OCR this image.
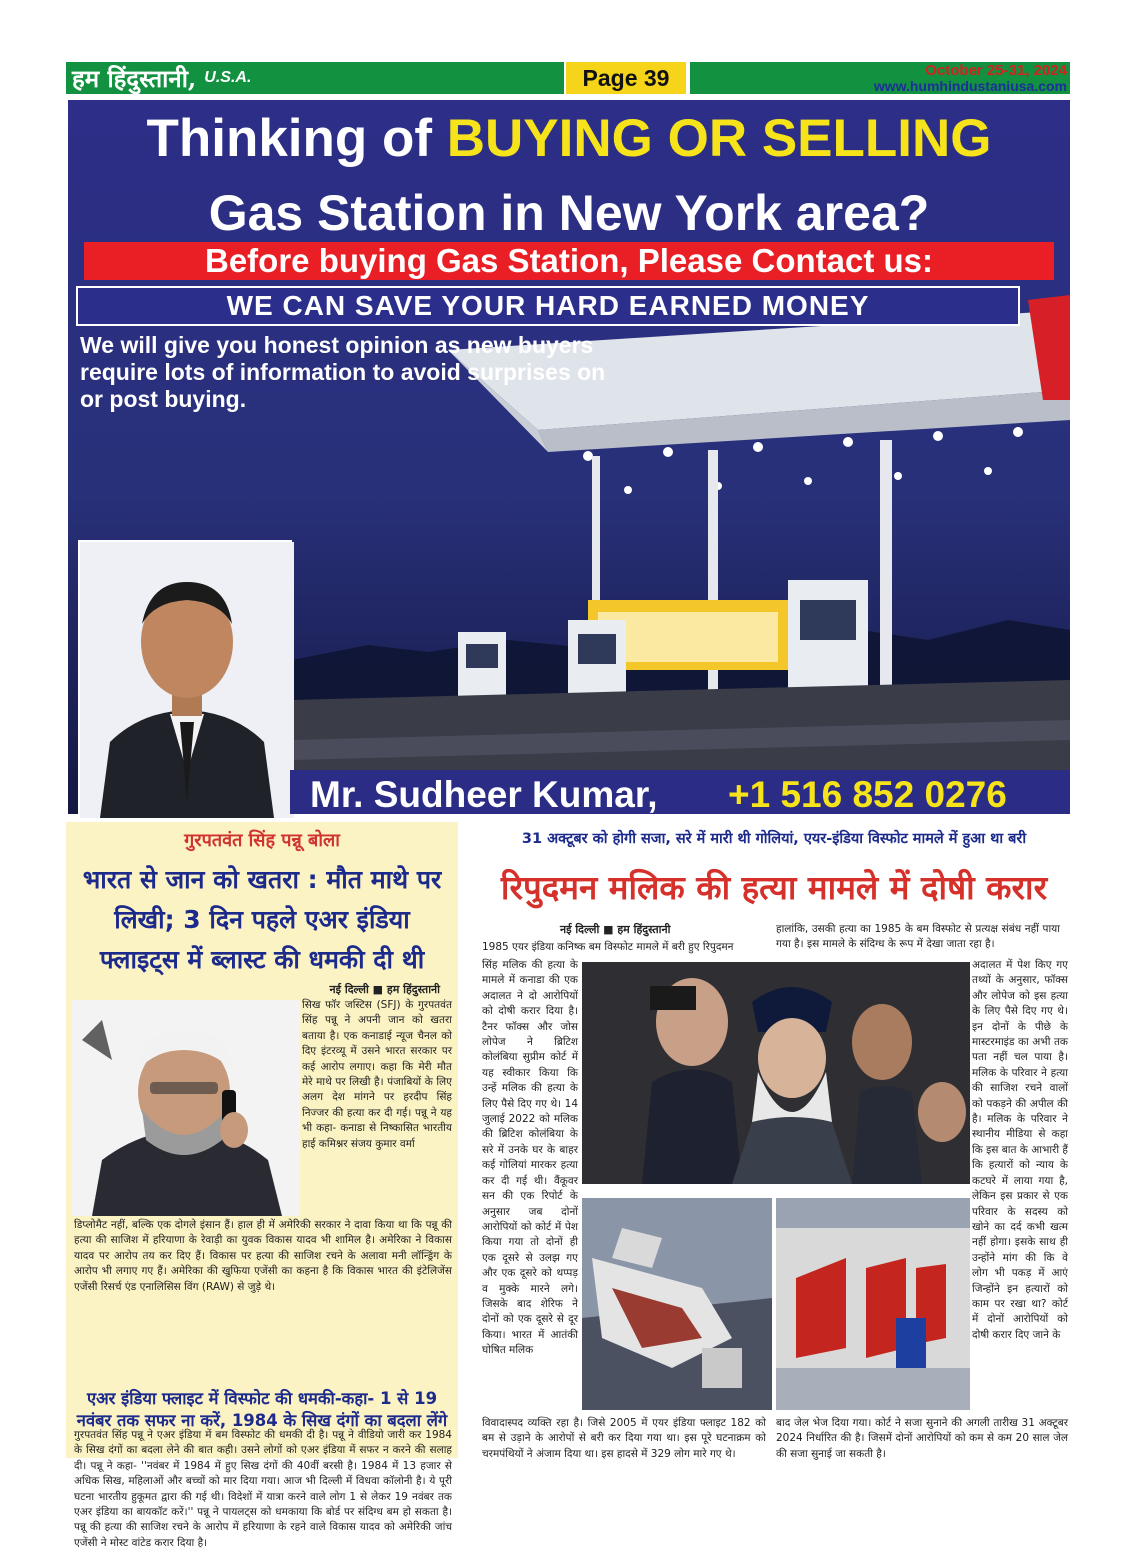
हम हिंदुस्तानी, U.S.A.	Page 39	October 25-31, 2024
www.humhindustaniusa.com
Thinking of BUYING OR SELLING
Gas Station in New York area?
Before buying Gas Station, Please Contact us:
WE CAN SAVE YOUR HARD EARNED MONEY
We will give you honest opinion as new buyers require lots of information to avoid surprises on or post buying.
Mr. Sudheer Kumar, +1 516 852 0276
गुरपतवंत सिंह पन्नू बोला
भारत से जान को खतरा : मौत माथे पर लिखी; 3 दिन पहले एअर इंडिया फ्लाइट्स में ब्लास्ट की धमकी दी थी
नई दिल्ली ■ हम हिंदुस्तानी
सिख फॉर जस्टिस (SFJ) के गुरपतवंत सिंह पन्नू ने अपनी जान को खतरा बताया है। एक कनाडाई न्यूज चैनल को दिए इंटरव्यू में उसने भारत सरकार पर कई आरोप लगाए। कहा कि मेरी मौत मेरे माथे पर लिखी है। पंजाबियों के लिए अलग देश मांगने पर हरदीप सिंह निज्जर की हत्या कर दी गई। पन्नू ने यह भी कहा- कनाडा से निष्कासित भारतीय हाई कमिश्नर संजय कुमार वर्मा
डिप्लोमैट नहीं, बल्कि एक दोगले इंसान हैं। हाल ही में अमेरिकी सरकार ने दावा किया था कि पन्नू की हत्या की साजिश में हरियाणा के रेवाड़ी का युवक विकास यादव भी शामिल है। अमेरिका ने विकास यादव पर आरोप तय कर दिए हैं। विकास पर हत्या की साजिश रचने के अलावा मनी लॉन्ड्रिंग के आरोप भी लगाए गए हैं। अमेरिका की खुफिया एजेंसी का कहना है कि विकास भारत की इंटेलिजेंस एजेंसी रिसर्च एंड एनालिसिस विंग (RAW) से जुड़े थे।
एअर इंडिया फ्लाइट में विस्फोट की धमकी-कहा- 1 से 19 नवंबर तक सफर ना करें, 1984 के सिख दंगों का बदला लेंगे
गुरपतवंत सिंह पन्नू ने एअर इंडिया में बम विस्फोट की धमकी दी है। पन्नू ने वीडियो जारी कर 1984 के सिख दंगों का बदला लेने की बात कही। उसने लोगों को एअर इंडिया में सफर न करने की सलाह दी। पन्नू ने कहा- ''नवंबर में 1984 में हुए सिख दंगों की 40वीं बरसी है। 1984 में 13 हजार से अधिक सिख, महिलाओं और बच्चों को मार दिया गया। आज भी दिल्ली में विधवा कॉलोनी है। ये पूरी घटना भारतीय हुकूमत द्वारा की गई थी। विदेशों में यात्रा करने वाले लोग 1 से लेकर 19 नवंबर तक एअर इंडिया का बायकॉट करें।'' पन्नू ने पायलट्स को धमकाया कि बोर्ड पर संदिग्ध बम हो सकता है। पन्नू की हत्या की साजिश रचने के आरोप में हरियाणा के रहने वाले विकास यादव को अमेरिकी जांच एजेंसी ने मोस्ट वांटेड करार दिया है।
31 अक्टूबर को होगी सजा, सरे में मारी थी गोलियां, एयर-इंडिया विस्फोट मामले में हुआ था बरी
रिपुदमन मलिक की हत्या मामले में दोषी करार
नई दिल्ली ■ हम हिंदुस्तानी
1985 एयर इंडिया कनिष्क बम विस्फोट मामले में बरी हुए रिपुदमन
सिंह मलिक की हत्या के मामले में कनाडा की एक अदालत ने दो आरोपियों को दोषी करार दिया है। टैनर फॉक्स और जोस लोपेज ने ब्रिटिश कोलंबिया सुप्रीम कोर्ट में यह स्वीकार किया कि उन्हें मलिक की हत्या के लिए पैसे दिए गए थे। 14 जुलाई 2022 को मलिक की ब्रिटिश कोलंबिया के सरे में उनके घर के बाहर कई गोलियां मारकर हत्या कर दी गई थी। वैंकूवर सन की एक रिपोर्ट के अनुसार जब दोनों आरोपियों को कोर्ट में पेश किया गया तो दोनों ही एक दूसरे से उलझ गए और एक दूसरे को थप्पड़ व मुक्के मारने लगे। जिसके बाद शेरिफ ने दोनों को एक दूसरे से दूर किया। भारत में आतंकी घोषित मलिक
हालांकि, उसकी हत्या का 1985 के बम विस्फोट से प्रत्यक्ष संबंध नहीं पाया गया है। इस मामले के संदिग्ध के रूप में देखा जाता रहा है।
अदालत में पेश किए गए तथ्यों के अनुसार, फॉक्स और लोपेज को इस हत्या के लिए पैसे दिए गए थे। इन दोनों के पीछे के मास्टरमाइंड का अभी तक पता नहीं चल पाया है। मलिक के परिवार ने हत्या की साजिश रचने वालों को पकड़ने की अपील की है। मलिक के परिवार ने स्थानीय मीडिया से कहा कि इस बात के आभारी हैं कि हत्यारों को न्याय के कटघरे में लाया गया है, लेकिन इस प्रकार से एक परिवार के सदस्य को खोने का दर्द कभी खत्म नहीं होगा। इसके साथ ही उन्होंने मांग की कि वे लोग भी पकड़ में आएं जिन्होंने इन हत्यारों को काम पर रखा था? कोर्ट में दोनों आरोपियों को दोषी करार दिए जाने के
विवादास्पद व्यक्ति रहा है। जिसे 2005 में एयर इंडिया फ्लाइट 182 को बम से उड़ाने के आरोपों से बरी कर दिया गया था। इस पूरे घटनाक्रम को चरमपंथियों ने अंजाम दिया था। इस हादसे में 329 लोग मारे गए थे।
बाद जेल भेज दिया गया। कोर्ट ने सजा सुनाने की अगली तारीख 31 अक्टूबर 2024 निर्धारित की है। जिसमें दोनों आरोपियों को कम से कम 20 साल जेल की सजा सुनाई जा सकती है।
